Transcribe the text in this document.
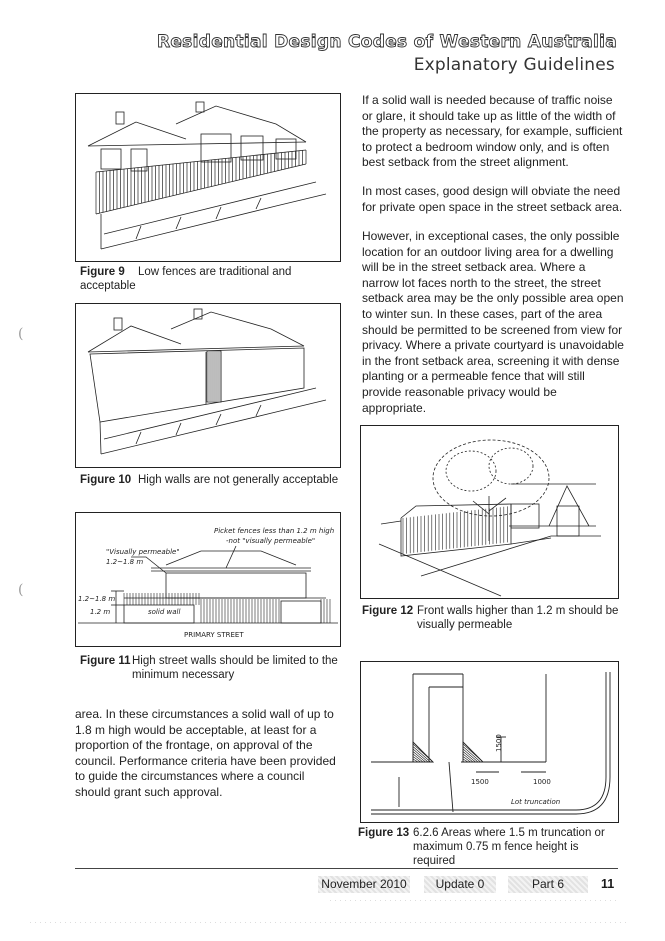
Residential Design Codes of Western Australia
Explanatory Guidelines
(
(
Figure 9 Low fences are traditional and acceptable
Figure 10 High walls are not generally acceptable
Picket fences less than 1.2 m high
-not "visually permeable"
"Visually permeable"
1.2~1.8 m
1.2~1.8 m
1.2 m	solid wall
PRIMARY STREET
Figure 11 High street walls should be limited to the minimum necessary

area. In these circumstances a solid wall of up to 1.8 m high would be acceptable, at least for a proportion of the frontage, on approval of the council. Performance criteria have been provided to guide the circumstances where a council should grant such approval.

If a solid wall is needed because of traffic noise or glare, it should take up as little of the width of the property as necessary, for example, sufficient to protect a bedroom window only, and is often best setback from the street alignment.

In most cases, good design will obviate the need for private open space in the street setback area.

However, in exceptional cases, the only possible location for an outdoor living area for a dwelling will be in the street setback area. Where a narrow lot faces north to the street, the street setback area may be the only possible area open to winter sun. In these cases, part of the area should be permitted to be screened from view for privacy. Where a private courtyard is unavoidable in the front setback area, screening it with dense planting or a permeable fence that will still provide reasonable privacy would be appropriate.

Figure 12 Front walls higher than 1.2 m should be visually permeable
1500
1500	1000
Lot truncation
Figure 13 6.2.6 Areas where 1.5 m truncation or maximum 0.75 m fence height is required
November 2010	Update 0	Part 6	11
